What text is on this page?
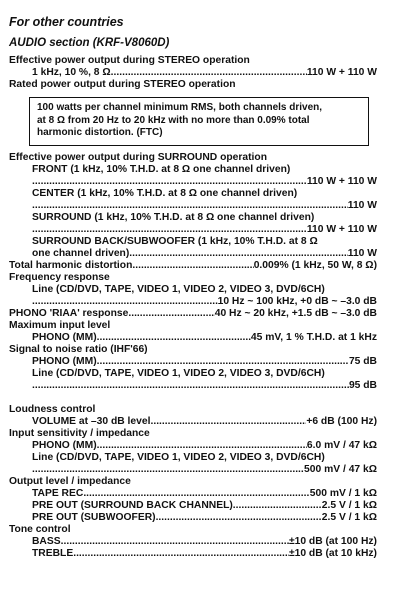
For other countries
AUDIO section (KRF-V8060D)
Effective power output during STEREO operation
1 kHz, 10 %, 8 Ω .....	110 W + 110 W
Rated power output during STEREO operation
100 watts per channel minimum RMS, both channels driven,
at 8 Ω from 20 Hz to 20 kHz with no more than 0.09% total
harmonic distortion. (FTC)
Effective power output during SURROUND operation
FRONT (1 kHz, 10% T.H.D. at 8 Ω one channel driven)
.....
110 W + 110 W
CENTER (1 kHz, 10% T.H.D. at 8 Ω one channel driven)
.....
110 W
SURROUND (1 kHz, 10% T.H.D. at 8 Ω one channel driven)
.....
110 W + 110 W
SURROUND BACK/SUBWOOFER (1 kHz, 10% T.H.D. at 8 Ω
one channel driven) .....	110 W
Total harmonic distortion .....	0.009% (1 kHz, 50 W, 8 Ω)
Frequency response
Line (CD/DVD, TAPE, VIDEO 1, VIDEO 2, VIDEO 3, DVD/6CH)
.....
10 Hz ~ 100 kHz, +0 dB ~ –3.0 dB
PHONO 'RIAA' response .....	40 Hz ~ 20 kHz, +1.5 dB ~ –3.0 dB
Maximum input level
PHONO (MM) .....	45 mV, 1 % T.H.D. at 1 kHz
Signal to noise ratio (IHF'66)
PHONO (MM) .....	75 dB
Line (CD/DVD, TAPE, VIDEO 1, VIDEO 2, VIDEO 3, DVD/6CH)
.....
95 dB
Loudness control
VOLUME at –30 dB level .....	+6 dB (100 Hz)
Input sensitivity / impedance
PHONO (MM) .....	6.0 mV / 47 kΩ
Line (CD/DVD, TAPE, VIDEO 1, VIDEO 2, VIDEO 3, DVD/6CH)
.....
500 mV / 47 kΩ
Output level / impedance
TAPE REC .....	500 mV / 1 kΩ
PRE OUT (SURROUND BACK CHANNEL) .....	2.5 V / 1 kΩ
PRE OUT (SUBWOOFER) .....	2.5 V / 1 kΩ
Tone control
BASS .....	±10 dB (at 100 Hz)
TREBLE .....	±10 dB (at 10 kHz)
